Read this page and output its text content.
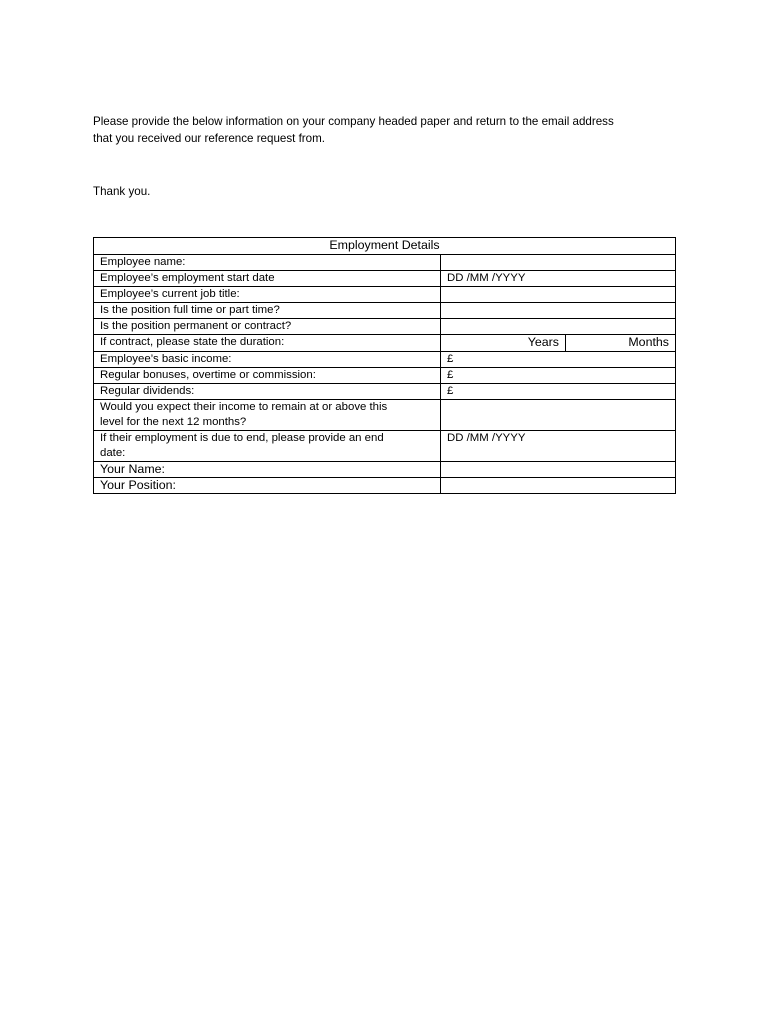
Please provide the below information on your company headed paper and return to the email address
that you received our reference request from.
Thank you.
Employment Details	
Employee name:	
Employee’s employment start date	DD /MM /YYYY
Employee’s current job title:	
Is the position full time or part time?	
Is the position permanent or contract?	
If contract, please state the duration:	Years Months

Employee’s basic income:	£
Regular bonuses, overtime or commission:	£
Regular dividends:	£

Would you expect their income to remain at or above this
level for the next 12 months?	

If their employment is due to end, please provide an end
date:	DD /MM /YYYY
Your Name:	
Your Position:	
